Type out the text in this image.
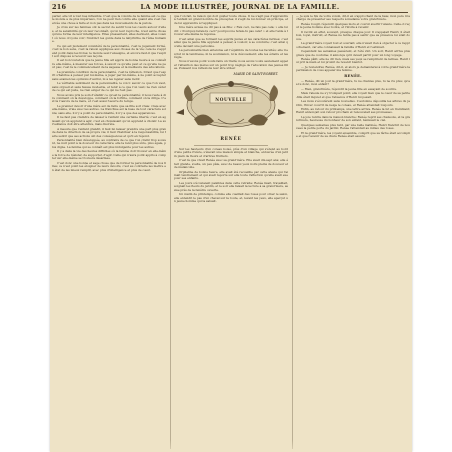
216	LA MODE ILLUSTRÉE, JOURNAL DE LA FAMILLE.

parler, elle vit à tout bas inflexible. C'est que la volonté de la femme est ce que le monde a de plus impérieux, l'on ne peut rien contre elle quand elle s'est réservée une chose à faire et non pas dans les mouvements de la parole.

Je crois sur les femmes ont le secret de sentir tous les cœurs autour d'elles, et la sensibilité qu'on leur reconnaît, qu'on leur reproche, n'est autre chose qu'une forme de leur intelligence. Elles pressentent, elles devinent, elles voient où nous croyons voir; l'instinct les guide dans le labyrinthe de l'âme humaine.

Ce qui est justement considéré de la personnalité, c'est le jugement formé, c'est le bon sens, c'est la raison appliquée aux choses de la vie; cela ne s'apprend point dans les livres; le monde seul l'enseigne, et encore faut-il que l'esprit soit disposé à recevoir ses leçons.

Il est bon toutefois que la jeune fille ait appris de bonne heure à se connaître elle-même, à mesurer ses forces, à savoir ce qu'elle peut et ce qu'elle ne peut pas; c'est là le commencement de la sagesse et la meilleure des éducations.

La première condition de la personnalité, c'est la réflexion. Il faut que l'esprit s'habitue à penser par lui-même, à juger par lui-même, à ne point accepter sans examen les opinions d'autrui, ni à les rejeter sans motif.

Le véritable sentiment de la personnalité, le voici: savoir ce que l'on vaut, sans orgueil et sans fausse modestie, et tenir à ce que l'on vaut; ne rien céder de ce qui est juste, ne rien exiger de ce qui ne l'est pas.

Nous avons pris le soin d'établir ce qu'est la personnalité; il nous reste à dire comment on la développe, comment on la fortifie, comment on la dirige. C'est là l'œuvre de la mère, et c'est aussi l'œuvre du temps.

Le premier devoir d'une mère est de faire que sa fille soit vraie: vraie avec elle-même, vraie avec les autres. La franchise est la base de tout caractère solide; sans elle, il n'y a point de personnalité, il n'y a que des apparences.

Il ne faut pas craindre de laisser à l'enfant une certaine liberté; c'est en agissant qu'on apprend à agir, c'est en choisissant qu'on apprend à choisir. La surveillance doit être attentive, mais discrète.

A mesure que l'enfant grandit, il faut lui laisser prendre une part plus grande dans la direction de sa propre vie; il faut l'habituer à la responsabilité, lui faire sentir que ses actions ont des conséquences et qu'il en répond.

Personnalité bien développée, au contraire de ce que l'on craint trop souvent, ne nuit point à la douceur du caractère; elle la rend plus sûre, plus égale, plus digne. La femme qui se connaît est plus indulgente pour les autres.

Il y a dans la vie des heures difficiles où la femme doit trouver en elle-même la force de résister, de supporter, d'agir. Celle qui n'aura point appris à compter sur elle-même se trouvera désarmée.

C'est donc une bonne et sage chose que de former la personnalité de nos filles; ce n'est point les éloigner de leurs devoirs, c'est au contraire les mettre en état de les mieux remplir, avec plus d'intelligence et plus de cœur.

que l'on fait, la raison qui doit guider toute chose. Il ne s'agit pas d'apprendre à l'enfant un grand nombre de préceptes; il s'agit de lui donner un principe, et de lui apprendre à l'appliquer.

Une mère avisée ne dit pas à sa fille: « Fais ceci, ne fais pas cela; » elle lui dit: « Pourquoi ferais-tu ceci? pourquoi ne ferais-tu pas cela? » et elle l'aide à trouver elle-même la réponse.

C'est ainsi que se forment les esprits justes et les caractères fermes; c'est ainsi que la jeune fille apprend à penser, à vouloir, à se conduire; c'est ainsi qu'elle devient une personne.

La personnalité bien entendue est l'équilibre de toutes les facultés; elle n'exclut ni la tendresse, ni la soumission, ni le dévouement; elle les éclaire et les règle.

Nous n'avons point voulu faire un traité; nous avons voulu seulement appeler l'attention des mères sur un point trop négligé de l'éducation des jeunes filles. Puissent nos réflexions leur être utiles!

MARIE DE SAINT-ROBERT.

NOUVELLE
RENÉE

Sur les hauteurs d'un coteau boisé, près d'un village qui s'étend au bord d'une petite rivière, s'élevait une maison simple et blanche, entourée d'un jardin plein de fleurs et d'arbres fruitiers.

C'est là que vivait Renée avec sa grand'mère. Elle avait dix-sept ans; elle était grande, svelte, un peu pâle, avec de beaux yeux noirs pleins de douceur et de mélancolie.

Orpheline de bonne heure, elle avait été recueillie par cette aïeule qui l'aimait tendrement et qui avait reporté sur elle toute l'affection qu'elle avait eue pour ses enfants.

Les jours s'écoulaient paisibles dans cette retraite; Renée lisait, travaillait, soignait les fleurs du jardin, et le soir elle faisait la lecture à sa grand'mère, assise près de la fenêtre ouverte.

Un matin de printemps, comme elle cueillait des roses pour orner le salon, elle entendit le pas d'un cheval sur la route, et, levant les yeux, elle aperçut un jeune homme qui la saluait.

— Je suis le fils de votre voisin, dit-il en s'approchant de la haie; mon père m'a chargé de présenter ses respects à madame votre grand'mère.

Renée rougit, répondit quelques mots et courut avertir l'aïeule. Celle-ci reçut le jeune homme avec bonté, et l'invita à revenir.

Il revint en effet, souvent, presque chaque jour. Il s'appelait Henri; il était bon, loyal, instruit, et Renée ne tarda pas à sentir que sa présence lui était douce.

La grand'mère voyait tout et souriait; elle n'avait rien à objecter à ce rapprochement, car elle connaissait la famille d'Henri et l'estimait.

Cependant les semaines passèrent, et l'été vint. Un soir, Henri arriva plus grave que de coutume; il annonça qu'il devait partir pour un long voyage.

Renée pâlit; elle ne dit rien, mais ses yeux se remplirent de larmes. Henri lui prit la main et lui promit de revenir bientôt.

— Je reviendrai, Renée, dit-il, et alors je demanderai à votre grand'mère la permission de vous appeler ma femme.

RENÉE.

— Renée, dit un jour la grand'mère, tu ne chantes plus, tu ne ris plus; qu'as-tu donc, mon enfant?

— Rien, grand'mère, répondit la jeune fille en essayant de sourire.

Mais l'aïeule ne s'y trompait point; elle voyait bien que le cœur de sa petite-fille était inquiet et que l'absence d'Henri lui pesait.

Les mois s'écoulèrent sans nouvelles. L'automne dépouilla les arbres du jardin, l'hiver couvrit de neige le coteau, et Renée attendait toujours.

Enfin, au retour du printemps, une lettre arriva. Renée la lut en tremblant; Henri annonçait son retour prochain et renouvelait ses promesses.

La joie rentra dans la maison blanche; Renée reprit ses chansons, et la grand'mère, heureuse du bonheur de son enfant, bénissait le ciel.

Quelques semaines plus tard, par une belle matinée, Henri franchit de nouveau la petite porte du jardin; Renée l'attendait au milieu des roses.

Et la grand'mère, les voyant ensemble, comprit que sa tâche était accomplie et que l'avenir de sa chère Renée était assuré.
